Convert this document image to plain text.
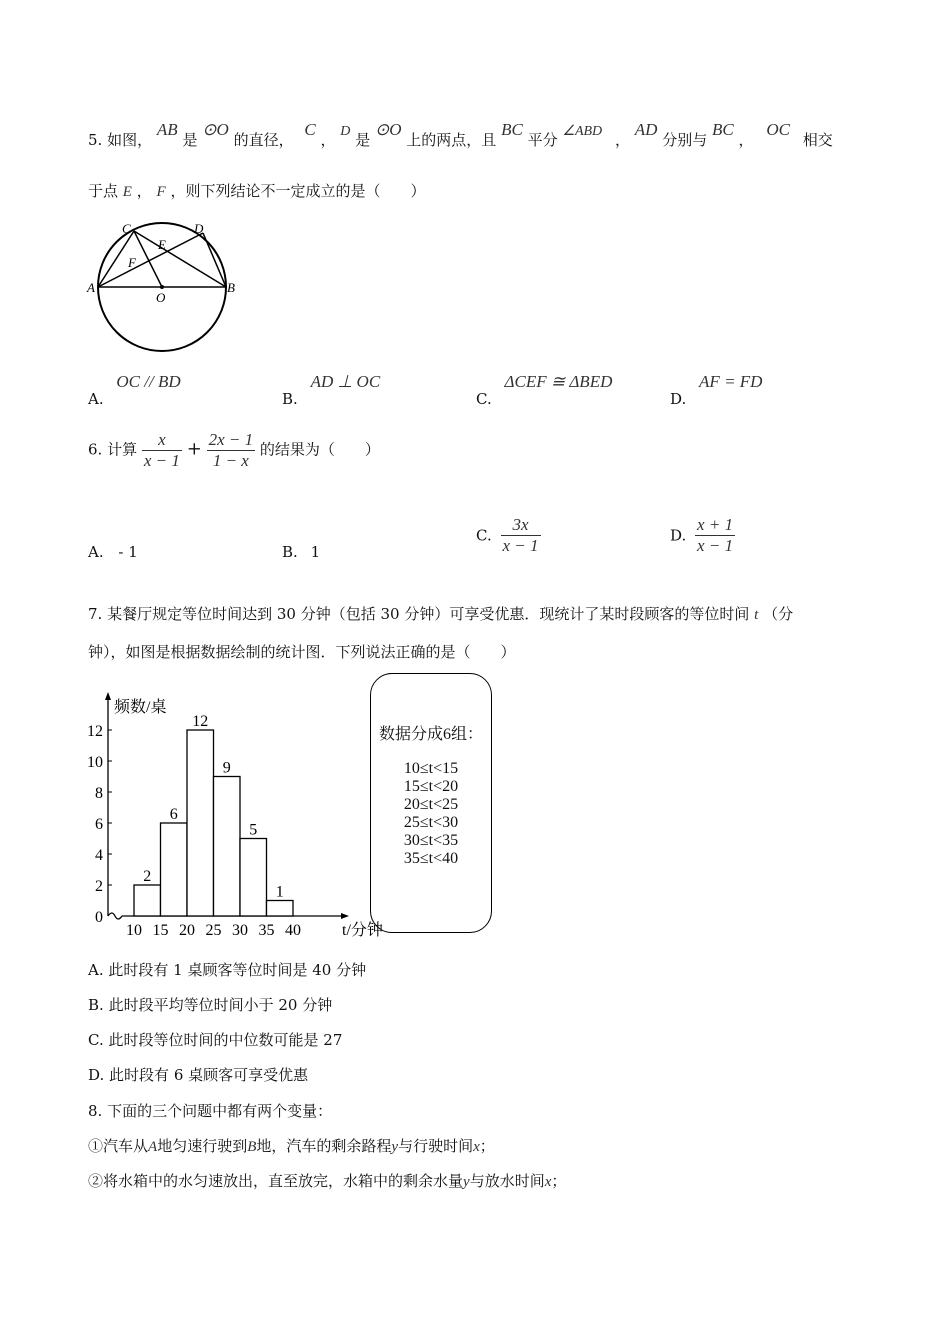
5. 如图， AB 是 ⊙O 的直径， C ， D 是 ⊙O 上的两点，且 BC 平分 ∠ABD ， AD 分别与 BC ， OC 相交
于点 E ， F ，则下列结论不一定成立的是（　　）
C	D
E
F
A	B
O
A. OC // BD
B. AD ⊥ OC
C. ΔCEF ≅ ΔBED
D. AF = FD
6. 计算 $\frac{x}{x - 1} + \frac{2x - 1}{1 - x}$ 的结果为（　　）
A. - 1	B. 1
C. $\frac{3x}{x - 1}$	D. $\frac{x + 1}{x - 1}$
7. 某餐厅规定等位时间达到 30 分钟（包括 30 分钟）可享受优惠．现统计了某时段顾客的等位时间 t （分
钟），如图是根据数据绘制的统计图．下列说法正确的是（　　）
0
2
4
6
8
10
12
2
6
12
9
5
1
10 15 20 25 30 35 40
频数/桌
t/分钟
数据分成6组：
10≤t<15
15≤t<20
20≤t<25
25≤t<30
30≤t<35
35≤t<40
A. 此时段有 1 桌顾客等位时间是 40 分钟
B. 此时段平均等位时间小于 20 分钟
C. 此时段等位时间的中位数可能是 27
D. 此时段有 6 桌顾客可享受优惠
8. 下面的三个问题中都有两个变量：
①汽车从A地匀速行驶到B地，汽车的剩余路程y与行驶时间x；
②将水箱中的水匀速放出，直至放完，水箱中的剩余水量y与放水时间x；
